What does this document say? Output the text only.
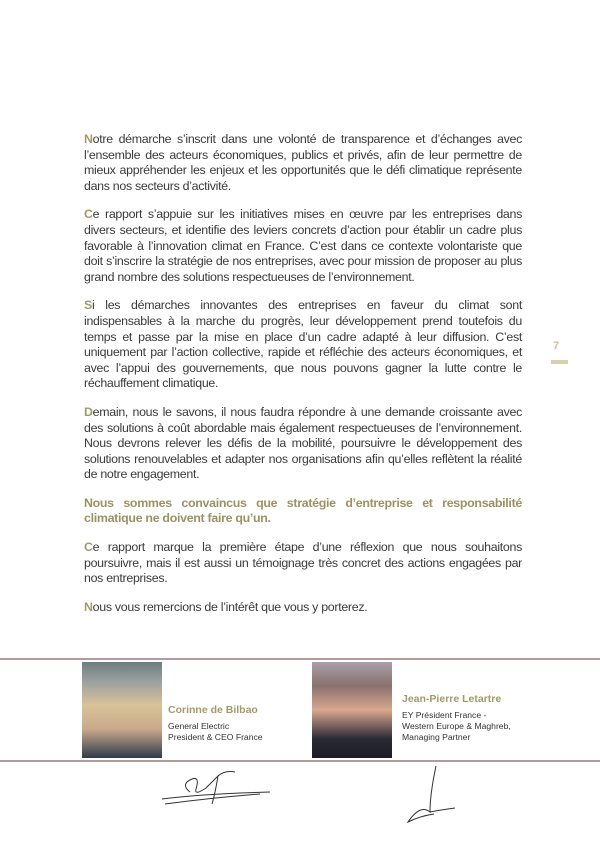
Notre démarche s’inscrit dans une volonté de transparence et d’échanges avec l’ensemble des acteurs économiques, publics et privés, afin de leur permettre de mieux appréhender les enjeux et les opportunités que le défi climatique représente dans nos secteurs d’activité.

Ce rapport s’appuie sur les initiatives mises en œuvre par les entreprises dans divers secteurs, et identifie des leviers concrets d’action pour établir un cadre plus favorable à l’innovation climat en France. C’est dans ce contexte volontariste que doit s’inscrire la stratégie de nos entreprises, avec pour mission de proposer au plus grand nombre des solutions respectueuses de l’environnement.

Si les démarches innovantes des entreprises en faveur du climat sont indispensables à la marche du progrès, leur développement prend toutefois du temps et passe par la mise en place d’un cadre adapté à leur diffusion. C’est uniquement par l’action collective, rapide et réfléchie des acteurs économiques, et avec l’appui des gouvernements, que nous pouvons gagner la lutte contre le réchauffement climatique.

Demain, nous le savons, il nous faudra répondre à une demande croissante avec des solutions à coût abordable mais également respectueuses de l’environnement. Nous devrons relever les défis de la mobilité, poursuivre le développement des solutions renouvelables et adapter nos organisations afin qu’elles reflètent la réalité de notre engagement.

Nous sommes convaincus que stratégie d’entreprise et responsabilité climatique ne doivent faire qu’un.

Ce rapport marque la première étape d’une réflexion que nous souhaitons poursuivre, mais il est aussi un témoignage très concret des actions engagées par nos entreprises.

Nous vous remercions de l’intérêt que vous y porterez.

7
Corinne de Bilbao
General Electric
President & CEO France
Jean-Pierre Letartre
EY Président France -
Western Europe & Maghreb,
Managing Partner
